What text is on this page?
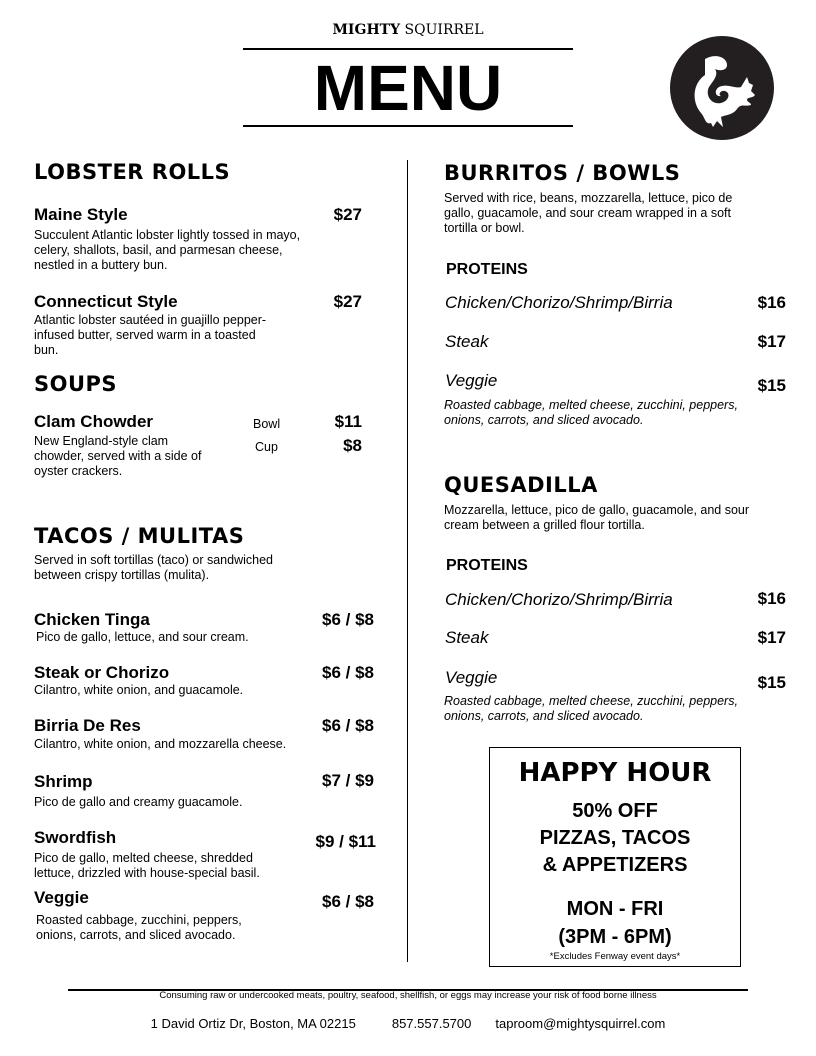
MIGHTY SQUIRREL
MENU
LOBSTER ROLLS
Maine Style	$27
Succulent Atlantic lobster lightly tossed in mayo, celery, shallots, basil, and parmesan cheese, nestled in a buttery bun.
Connecticut Style	$27
Atlantic lobster sautéed in guajillo pepper-infused butter, served warm in a toasted bun.
SOUPS
Clam Chowder	Bowl	$11
Cup	$8
New England-style clam chowder, served with a side of oyster crackers.
TACOS / MULITAS
Served in soft tortillas (taco) or sandwiched between crispy tortillas (mulita).
Chicken Tinga	$6 / $8
Pico de gallo, lettuce, and sour cream.
Steak or Chorizo	$6 / $8
Cilantro, white onion, and guacamole.
Birria De Res	$6 / $8
Cilantro, white onion, and mozzarella cheese.
Shrimp	$7 / $9
Pico de gallo and creamy guacamole.
Swordfish	$9 / $11
Pico de gallo, melted cheese, shredded lettuce, drizzled with house-special basil.
Veggie	$6 / $8
Roasted cabbage, zucchini, peppers, onions, carrots, and sliced avocado.
BURRITOS / BOWLS
Served with rice, beans, mozzarella, lettuce, pico de gallo, guacamole, and sour cream wrapped in a soft tortilla or bowl.
PROTEINS
Chicken/Chorizo/Shrimp/Birria	$16
Steak	$17
Veggie	$15
Roasted cabbage, melted cheese, zucchini, peppers, onions, carrots, and sliced avocado.
QUESADILLA
Mozzarella, lettuce, pico de gallo, guacamole, and sour cream between a grilled flour tortilla.
PROTEINS
Chicken/Chorizo/Shrimp/Birria	$16
Steak	$17
Veggie	$15
Roasted cabbage, melted cheese, zucchini, peppers, onions, carrots, and sliced avocado.
HAPPY HOUR
50% OFF
PIZZAS, TACOS
& APPETIZERS
MON - FRI
(3PM - 6PM)
*Excludes Fenway event days*
Consuming raw or undercooked meats, poultry, seafood, shellfish, or eggs may increase your risk of food borne illness
1 David Ortiz Dr, Boston, MA 02215	857.557.5700 taproom@mightysquirrel.com
